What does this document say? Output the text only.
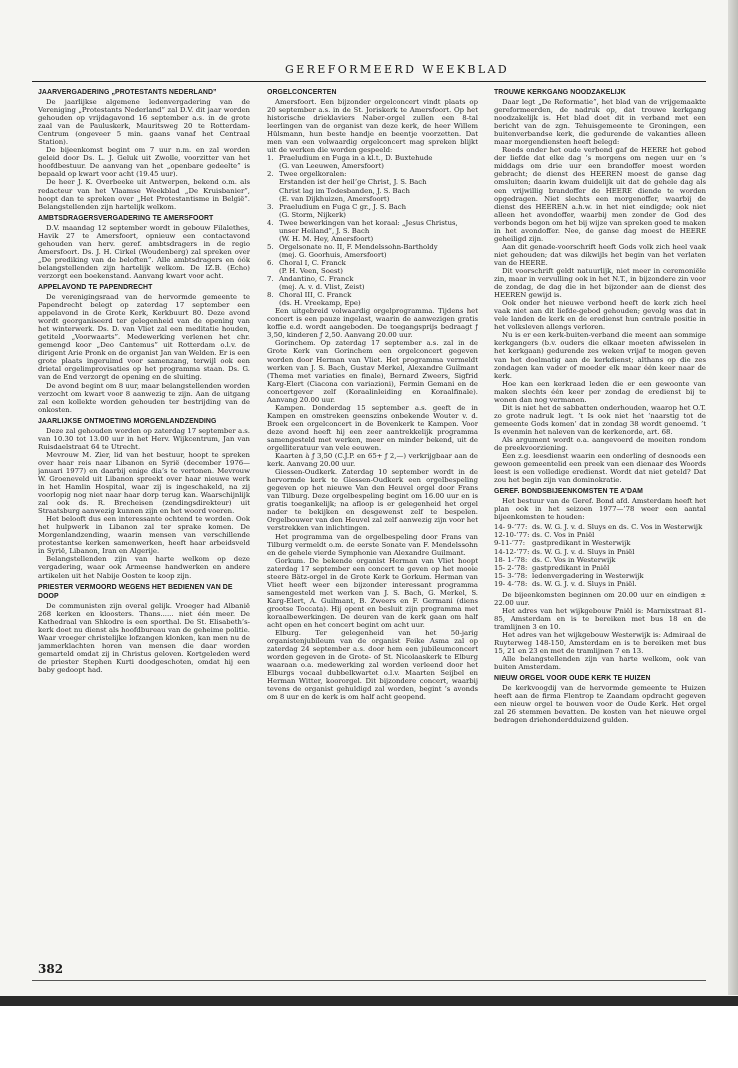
GEREFORMEERD WEEKBLAD
JAARVERGADERING „PROTESTANTS NEDERLAND”

De jaarlijkse algemene ledenvergadering van de Vereniging „Protestants Nederland” zal D.V. dit jaar worden gehouden op vrijdagavond 16 september a.s. in de grote zaal van de Pauluskerk, Mauritsweg 20 te Rotterdam-Centrum (ongeveer 5 min. gaans vanaf het Centraal Station).

De bijeenkomst begint om 7 uur n.m. en zal worden geleid door Ds. L. J. Geluk uit Zwolle, voorzitter van het hoofdbestuur. De aanvang van het „openbare gedeelte” is bepaald op kwart voor acht (19.45 uur).

De heer J. K. Overbeeke uit Antwerpen, bekend o.m. als redacteur van het Vlaamse Weekblad „De Kruisbanier”, hoopt dan te spreken over „Het Protestantisme in België”. Belangstellenden zijn hartelijk welkom.

AMBTSDRAGERSVERGADERING TE AMERSFOORT

D.V. maandag 12 september wordt in gebouw Filalethes, Havik 27 te Amersfoort, opnieuw een contactavond gehouden van herv. geref. ambtsdragers in de regio Amersfoort. Ds. J. H. Cirkel (Woudenberg) zal spreken over „De prediking van de beloften”. Alle ambtsdragers en óók belangstellenden zijn hartelijk welkom. De IZ.B. (Echo) verzorgt een boekenstand. Aanvang kwart voor acht.

APPELAVOND TE PAPENDRECHT

De verenigingsraad van de hervormde gemeente te Papendrecht belegt op zaterdag 17 september een appelavond in de Grote Kerk, Kerkbuurt 80. Deze avond wordt georganiseerd ter gelegenheid van de opening van het winterwerk. Ds. D. van Vliet zal een meditatie houden, getiteld „Voorwaarts”. Medewerking verlenen het chr. gemengd koor „Deo Cantemus” uit Rotterdam o.l.v. de dirigent Arie Pronk en de organist Jan van Welden. Er is een grote plaats ingeruimd voor samenzang, terwijl ook een drietal orgelimprovisaties op het programma staan. Ds. G. van de End verzorgt de opening en de sluiting.

De avond begint om 8 uur, maar belangstellenden worden verzocht om kwart voor 8 aanwezig te zijn. Aan de uitgang zal een kollekte worden gehouden ter bestrijding van de onkosten.

JAARLIJKSE ONTMOETING MORGENLANDZENDING

Deze zal gehouden worden op zaterdag 17 september a.s. van 10.30 tot 13.00 uur in het Herv. Wijkcentrum, Jan van Ruisdaelstraat 64 te Utrecht.

Mevrouw M. Zier, lid van het bestuur, hoopt te spreken over haar reis naar Libanon en Syrië (december 1976—januari 1977) en daarbij enige dia’s te vertonen. Mevrouw W. Groeneveld uit Libanon spreekt over haar nieuwe werk in het Hamlin Hospital, waar zij is ingeschakeld, na zij voorlopig nog niet naar haar dorp terug kan. Waarschijnlijk zal ook ds. R. Brecheisen (zendingsdirekteur) uit Straatsburg aanwezig kunnen zijn en het woord voeren.

Het belooft dus een interessante ochtend te worden. Ook het hulpwerk in Libanon zal ter sprake komen. De Morgenlandzending, waarin mensen van verschillende protestantse kerken samenwerken, heeft haar arbeidsveld in Syrië, Libanon, Iran en Algerije.

Belangstellenden zijn van harte welkom op deze vergadering, waar ook Armeense handwerken en andere artikelen uit het Nabije Oosten te koop zijn.

PRIESTER VERMOORD WEGENS HET BEDIENEN VAN DE DOOP

De communisten zijn overal gelijk. Vroeger had Albanië 268 kerken en kloosters. Thans...... niet één meer. De Kathedraal van Shkodre is een sporthal. De St. Elisabeth’s-kerk doet nu dienst als hoofdbureau van de geheime politie. Waar vroeger christelijke lofzangen klonken, kan men nu de jammerklachten horen van mensen die daar worden gemarteld omdat zij in Christus geloven. Kortgeleden werd de priester Stephen Kurti doodgeschoten, omdat hij een baby gedoopt had.

ORGELCONCERTEN

Amersfoort. Een bijzonder orgelconcert vindt plaats op 20 september a.s. in de St. Joriskerk te Amersfoort. Op het historische drieklaviers Naber-orgel zullen een 8-tal leerlingen van de organist van deze kerk, de heer Willem Hülsmann, hun beste handje en beentje voorzetten. Dat men van een volwaardig orgelconcert mag spreken blijkt uit de werken die worden gespeeld:

1. Praeludium en Fuga in a kl.t., D. Buxtehude
(G. van Leeuwen, Amersfoort)
2. Twee orgelkoralen:
Erstanden ist der heil’ge Christ, J. S. Bach
Christ lag im Todesbanden, J. S. Bach
(E. van Dijkhuizen, Amersfoort)
3. Praeludium en Fuga C gr., J. S. Bach
(G. Storm, Nijkerk)
4. Twee bewerkingen van het koraal: „Jesus Christus, unser Heiland”, J. S. Bach
(W. H. M. Hey, Amersfoort)
5. Orgelsonate no. II, F. Mendelssohn-Bartholdy
(mej. G. Goorhuis, Amersfoort)
6. Choral I, C. Franck
(P. H. Veen, Soest)
7. Andantino, C. Franck
(mej. A. v. d. Vlist, Zeist)
8. Choral III, C. Franck
(ds. H. Vreekamp, Epe)

Een uitgebreid volwaardig orgelprogramma. Tijdens het concert is een pauze ingelast, waarin de aanwezigen gratis koffie e.d. wordt aangeboden. De toegangsprijs bedraagt ƒ 3,50, kinderen ƒ 2,50. Aanvang 20.00 uur.

Gorinchem. Op zaterdag 17 september a.s. zal in de Grote Kerk van Gorinchem een orgelconcert gegeven worden door Herman van Vliet. Het programma vermeldt werken van J. S. Bach, Gustav Merkel, Alexandre Guilmant (Thema met variaties en finale), Bernard Zweers, Sigfrid Karg-Elert (Ciacona con variazioni), Fermin Gemani en de concertgever zelf (Koraalinleiding en Koraalfinale). Aanvang 20.00 uur.

Kampen. Donderdag 15 september a.s. geeft de in Kampen en omstreken geenszins onbekende Wouter v. d. Broek een orgelconcert in de Bovenkerk te Kampen. Voor deze avond heeft hij een zeer aantrekkelijk programma samengesteld met werken, meer en minder bekend, uit de orgelliteratuur van vele eeuwen.

Kaarten à ƒ 3,50 (C.J.P. en 65+ ƒ 2,—) verkrijgbaar aan de kerk. Aanvang 20.00 uur.

Giessen-Oudkerk. Zaterdag 10 september wordt in de hervormde kerk te Giessen-Oudkerk een orgelbespeling gegeven op het nieuwe Van den Heuvel orgel door Frans van Tilburg. Deze orgelbespeling begint om 16.00 uur en is gratis toegankelijk; na afloop is er gelegenheid het orgel nader te bekijken en desgewenst zelf te bespelen. Orgelbouwer van den Heuvel zal zelf aanwezig zijn voor het verstrekken van inlichtingen.

Het programma van de orgelbespeling door Frans van Tilburg vermeldt o.m. de eerste Sonate van F. Mendelssohn en de gehele vierde Symphonie van Alexandre Guilmant.

Gorkum. De bekende organist Herman van Vliet hoopt zaterdag 17 september een concert te geven op het mooie steere Bätz-orgel in de Grote Kerk te Gorkum. Herman van Vliet heeft weer een bijzonder interessant programma samengesteld met werken van J. S. Bach, G. Merkel, S. Karg-Elert, A. Guilmant, B. Zweers en F. Germani (diens grootse Toccata). Hij opent en besluit zijn programma met koraalbewerkingen. De deuren van de kerk gaan om half acht open en het concert begint om acht uur.

Elburg. Ter gelegenheid van het 50-jarig organistenjubileum van de organist Feike Asma zal op zaterdag 24 september a.s. door hem een jubileumconcert worden gegeven in de Grote- of St. Nicolaaskerk te Elburg waaraan o.a. medewerking zal worden verleend door het Elburgs vocaal dubbelkwartet o.l.v. Maarten Seijbel en Herman Witter, koororgel. Dit bijzondere concert, waarbij tevens de organist gehuldigd zal worden, begint ’s avonds om 8 uur en de kerk is om half acht geopend.

TROUWE KERKGANG NOODZAKELIJK

Daar legt „De Reformatie”, het blad van de vrijgemaakte gereformeerden, de nadruk op, dat trouwe kerkgang noodzakelijk is. Het blad doet dit in verband met een bericht van de zgn. Tehuisgemeente te Groningen, een buitenverbandse kerk, die gedurende de vakanties alleen maar morgendiensten heeft belegd:

Reeds onder het oude verbond gaf de HEERE het gebod der liefde dat elke dag ’s morgens om negen uur en ’s middags om drie uur een brandoffer moest worden gebracht; de dienst des HEEREN moest de ganse dag omsluiten; daarin kwam duidelijk uit dat de gehele dag als een vrijwillig brandoffer de HEERE diende te worden opgedragen. Niet slechts een morgenoffer, waarbij de dienst des HEEREN a.h.w. in het niet eindigde; ook niet alleen het avondoffer, waarbij men zonder de God des verbonds begon om het bij wijze van spreken goed te maken in het avondoffer. Nee, de ganse dag moest de HEERE geheiligd zijn.

Aan dit genade-voorschrift heeft Gods volk zich heel vaak niet gehouden; dat was dikwijls het begin van het verlaten van de HEERE.

Dit voorschrift geldt natuurlijk, niet meer in ceremoniële zin, maar in vervulling ook in het N.T., in bijzondere zin voor de zondag, de dag die in het bijzonder aan de dienst des HEEREN gewijd is.

Ook onder het nieuwe verbond heeft de kerk zich heel vaak niet aan dit liefde-gebod gehouden; gevolg was dat in vele landen de kerk en de eredienst hun centrale positie in het volksleven allengs verloren.

Nu is er een kerk-buiten-verband die meent aan sommige kerkgangers (b.v. ouders die elkaar moeten afwisselen in het kerkgaan) gedurende zes weken vrijaf te mogen geven van het doelmatig aan de kerkdienst; althans op die zes zondagen kan vader of moeder elk maar één keer naar de kerk.

Hoe kan een kerkraad leden die er een gewoonte van maken slechts één keer per zondag de eredienst bij te wonen dan nog vermanen.

Dit is niet het de sabbatten onderhouden, waarop het O.T. zo grote nadruk legt. ’t Is ook niet het ‘naarstig tot de gemeente Gods komen’ dat in zondag 38 wordt genoemd. ’t Is evenmin het naleven van de kerkenorde, art. 68.

Als argument wordt o.a. aangevoerd de moeiten rondom de preekvoorziening.

Een z.g. leesdienst waarin een onderling of desnoods een gewoon gemeentelid een preek van een dienaar des Woords leest is een volledige eredienst. Wordt dat niet geteld? Dat zou het begin zijn van dominokratie.

GEREF. BONDSBIJEENKOMSTEN TE A’DAM

Het bestuur van de Geref. Bond afd. Amsterdam heeft het plan ook in het seizoen 1977—’78 weer een aantal bijeenkomsten te houden:

14- 9-’77: ds. W. G. J. v. d. Sluys en ds. C. Vos in Westerwijk
12-10-’77: ds. C. Vos in Pniël
9-11-’77:	gastpredikant in Westerwijk
14-12-’77: ds. W. G. J. v. d. Sluys in Pniël
18- 1-’78: ds. C. Vos in Westerwijk
15- 2-’78: gastpredikant in Pniël
15- 3-’78: ledenvergadering in Westerwijk
19- 4-’78: ds. W. G. J. v. d. Sluys in Pniël.

De bijeenkomsten beginnen om 20.00 uur en eindigen ± 22.00 uur.

Het adres van het wijkgebouw Pniël is: Marnixstraat 81-85, Amsterdam en is te bereiken met bus 18 en de tramlijnen 3 en 10.

Het adres van het wijkgebouw Westerwijk is: Admiraal de Ruyterweg 148-150, Amsterdam en is te bereiken met bus 15, 21 en 23 en met de tramlijnen 7 en 13.

Alle belangstellenden zijn van harte welkom, ook van buiten Amsterdam.

NIEUW ORGEL VOOR OUDE KERK TE HUIZEN

De kerkvoogdij van de hervormde gemeente te Huizen heeft aan de firma Flentrop te Zaandam opdracht gegeven een nieuw orgel te bouwen voor de Oude Kerk. Het orgel zal 26 stemmen bevatten. De kosten van het nieuwe orgel bedragen driehonderdduizend gulden.

382
